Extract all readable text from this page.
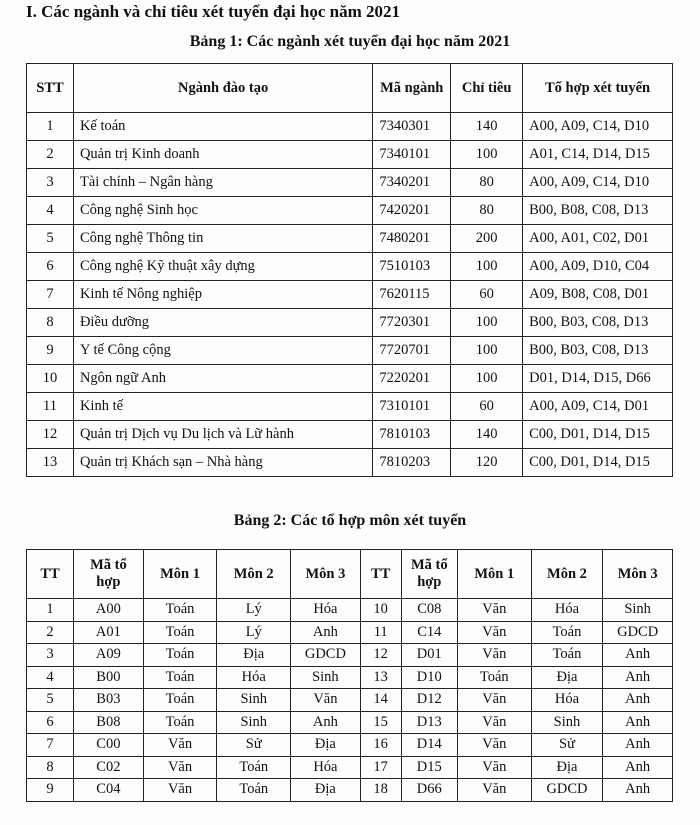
I. Các ngành và chỉ tiêu xét tuyển đại học năm 2021
Bảng 1: Các ngành xét tuyển đại học năm 2021
STT	Ngành đào tạo	Mã ngành	Chỉ tiêu	Tổ hợp xét tuyển
1	Kế toán	7340301	140	A00, A09, C14, D10
2	Quản trị Kinh doanh	7340101	100	A01, C14, D14, D15
3	Tài chính – Ngân hàng	7340201	80	A00, A09, C14, D10
4	Công nghệ Sinh học	7420201	80	B00, B08, C08, D13
5	Công nghệ Thông tin	7480201	200	A00, A01, C02, D01
6	Công nghệ Kỹ thuật xây dựng	7510103	100	A00, A09, D10, C04
7	Kinh tế Nông nghiệp	7620115	60	A09, B08, C08, D01
8	Điều dưỡng	7720301	100	B00, B03, C08, D13
9	Y tế Công cộng	7720701	100	B00, B03, C08, D13
10	Ngôn ngữ Anh	7220201	100	D01, D14, D15, D66
11	Kinh tế	7310101	60	A00, A09, C14, D01
12	Quản trị Dịch vụ Du lịch và Lữ hành	7810103	140	C00, D01, D14, D15
13	Quản trị Khách sạn – Nhà hàng	7810203	120	C00, D01, D14, D15
Bảng 2: Các tổ hợp môn xét tuyển
TT	Mã tổ hợp	Môn 1	Môn 2	Môn 3	TT	Mã tổ hợp	Môn 1	Môn 2	Môn 3
1	A00	Toán	Lý	Hóa	10	C08	Văn	Hóa	Sinh
2	A01	Toán	Lý	Anh	11	C14	Văn	Toán	GDCD
3	A09	Toán	Địa	GDCD	12	D01	Văn	Toán	Anh
4	B00	Toán	Hóa	Sinh	13	D10	Toán	Địa	Anh
5	B03	Toán	Sinh	Văn	14	D12	Văn	Hóa	Anh
6	B08	Toán	Sinh	Anh	15	D13	Văn	Sinh	Anh
7	C00	Văn	Sử	Địa	16	D14	Văn	Sử	Anh
8	C02	Văn	Toán	Hóa	17	D15	Văn	Địa	Anh
9	C04	Văn	Toán	Địa	18	D66	Văn	GDCD	Anh
